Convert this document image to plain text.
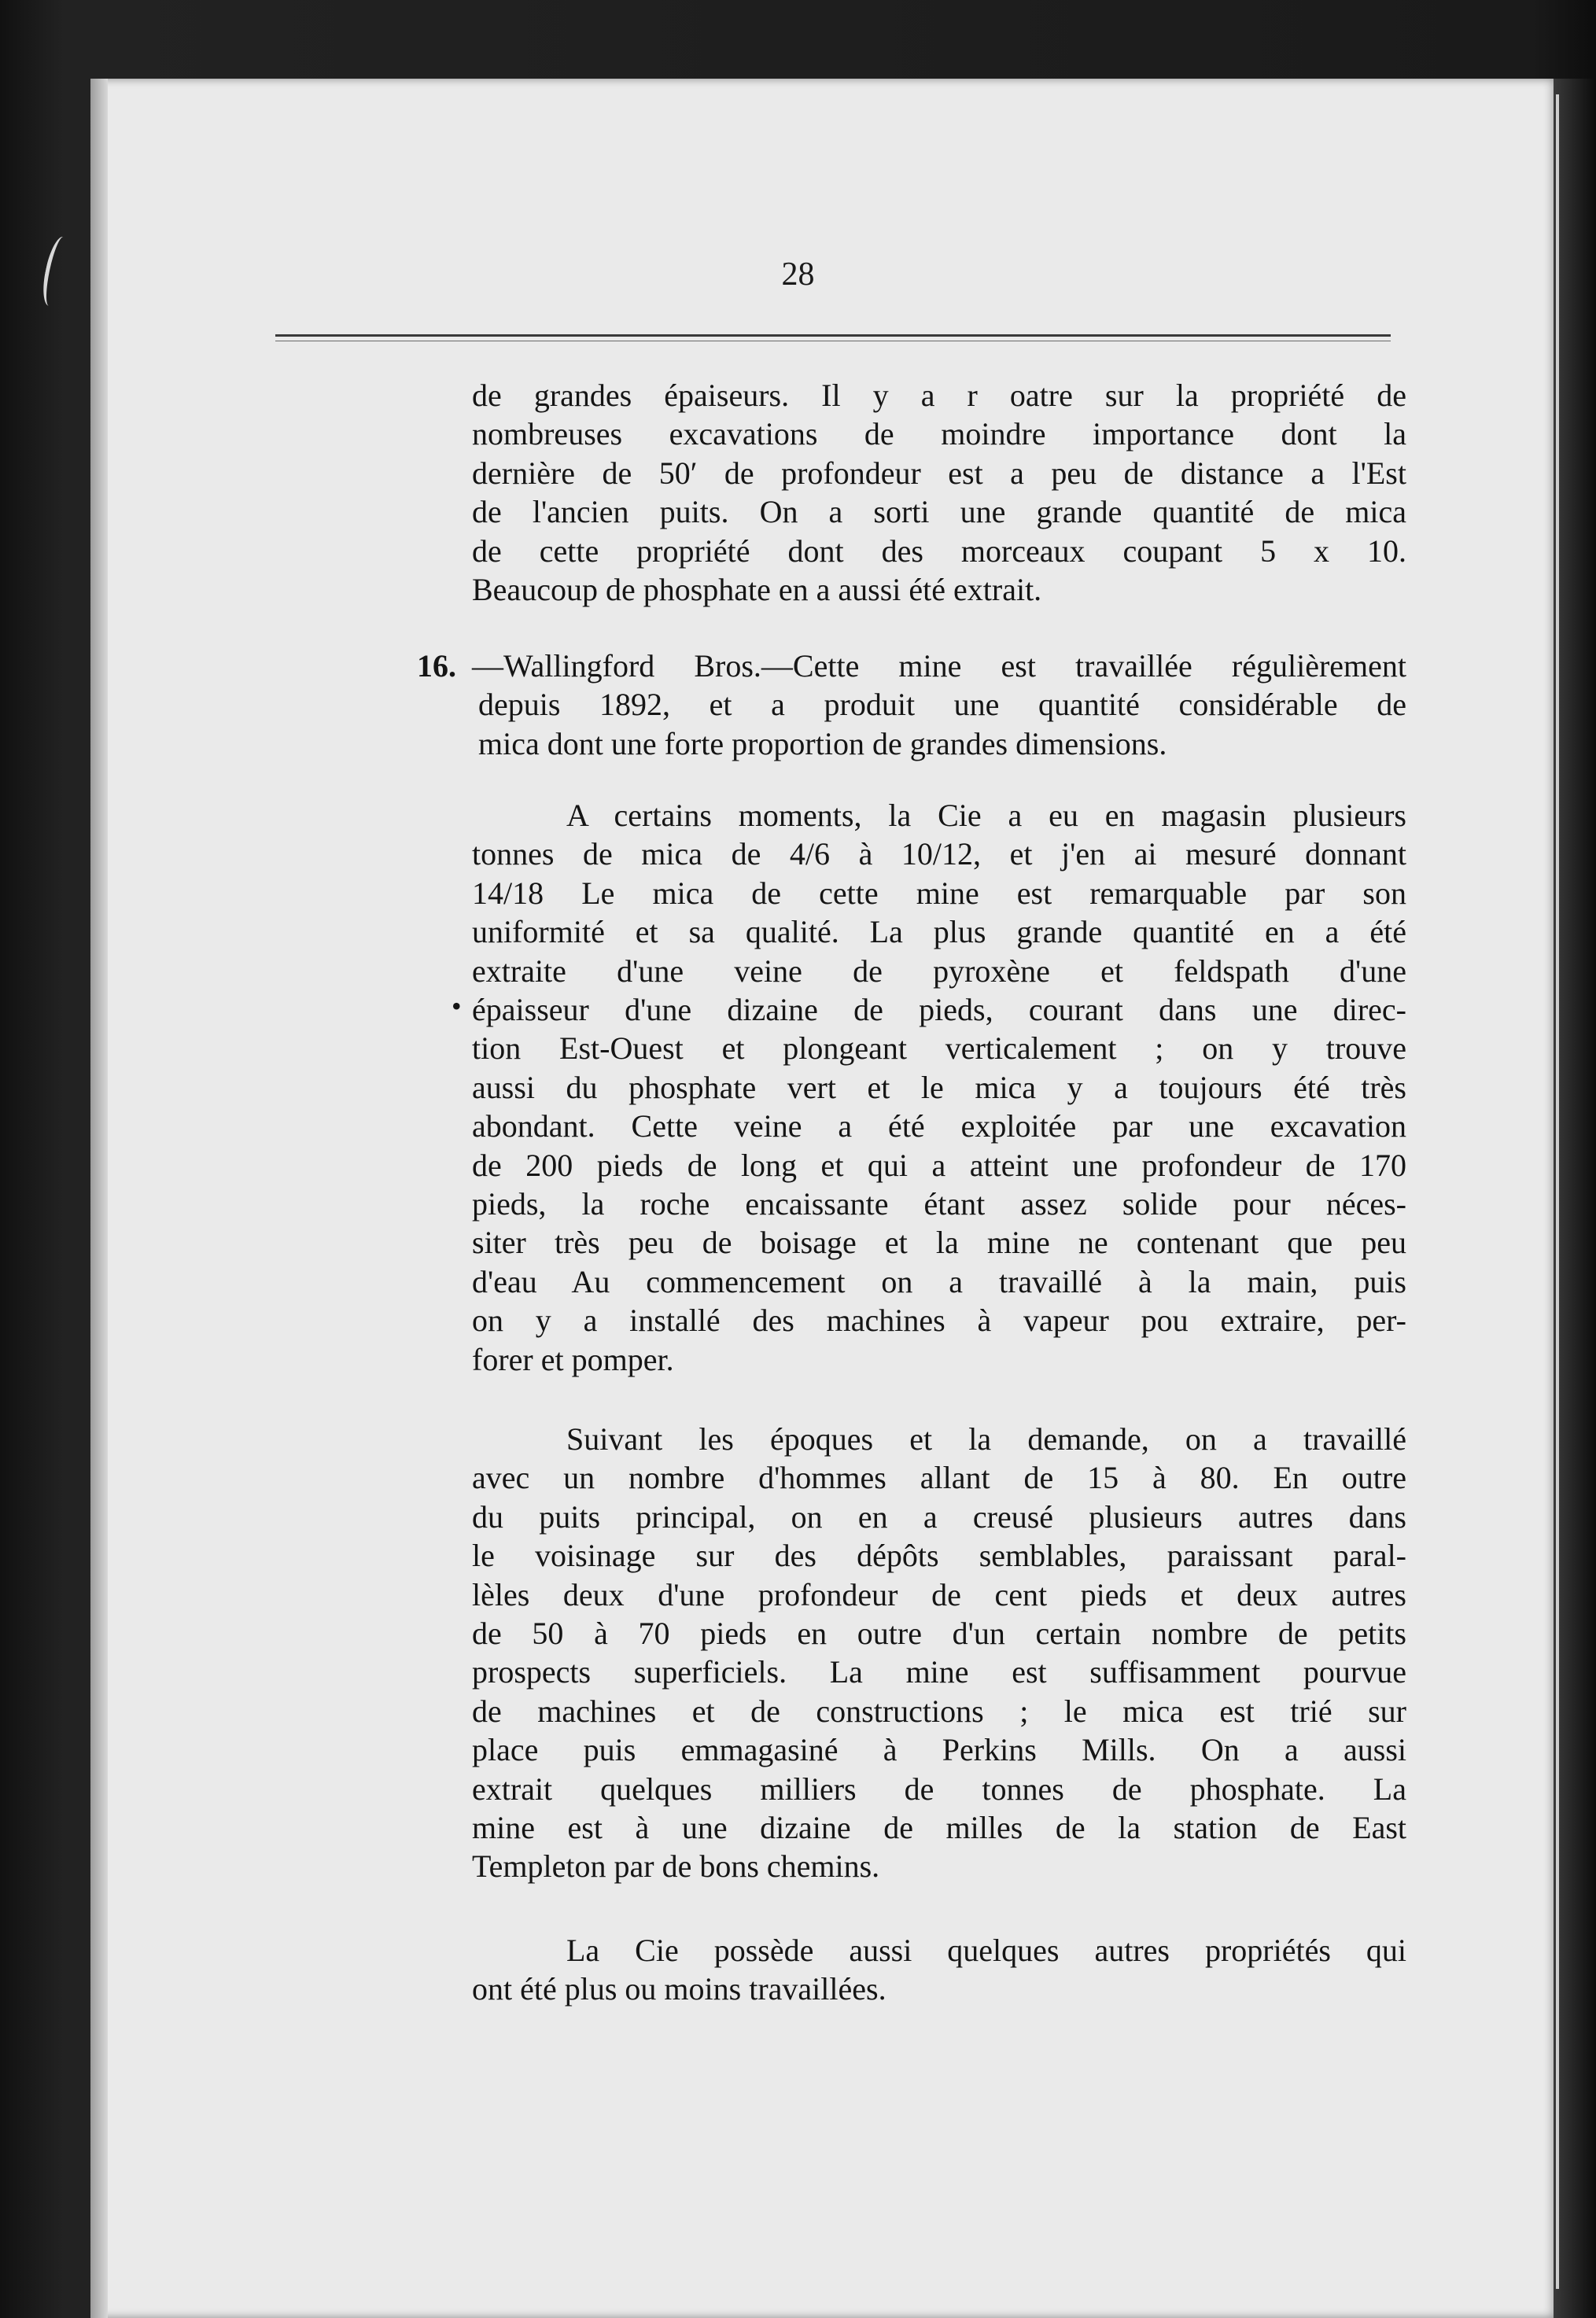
28
de grandes épaiseurs. Il y a r oatre sur la propriété de
nombreuses excavations de moindre importance dont la
dernière de 50′ de profondeur est a peu de distance a l'Est
de l'ancien puits. On a sorti une grande quantité de mica
de cette propriété dont des morceaux coupant 5 x 10.
Beaucoup de phosphate en a aussi été extrait.
16. —Wallingford Bros.—Cette mine est travaillée régulièrement
depuis 1892, et a produit une quantité considérable de
mica dont une forte proportion de grandes dimensions.
•
A certains moments, la Cie a eu en magasin plusieurs
tonnes de mica de 4/6 à 10/12, et j'en ai mesuré donnant
14/18 Le mica de cette mine est remarquable par son
uniformité et sa qualité. La plus grande quantité en a été
extraite d'une veine de pyroxène et feldspath d'une
épaisseur d'une dizaine de pieds, courant dans une direc-
tion Est-Ouest et plongeant verticalement ; on y trouve
aussi du phosphate vert et le mica y a toujours été très
abondant. Cette veine a été exploitée par une excavation
de 200 pieds de long et qui a atteint une profondeur de 170
pieds, la roche encaissante étant assez solide pour néces-
siter très peu de boisage et la mine ne contenant que peu
d'eau Au commencement on a travaillé à la main, puis
on y a installé des machines à vapeur pou extraire, per-
forer et pomper.
Suivant les époques et la demande, on a travaillé
avec un nombre d'hommes allant de 15 à 80. En outre
du puits principal, on en a creusé plusieurs autres dans
le voisinage sur des dépôts semblables, paraissant paral-
lèles deux d'une profondeur de cent pieds et deux autres
de 50 à 70 pieds en outre d'un certain nombre de petits
prospects superficiels. La mine est suffisamment pourvue
de machines et de constructions ; le mica est trié sur
place puis emmagasiné à Perkins Mills. On a aussi
extrait quelques milliers de tonnes de phosphate. La
mine est à une dizaine de milles de la station de East
Templeton par de bons chemins.
La Cie possède aussi quelques autres propriétés qui
ont été plus ou moins travaillées.
